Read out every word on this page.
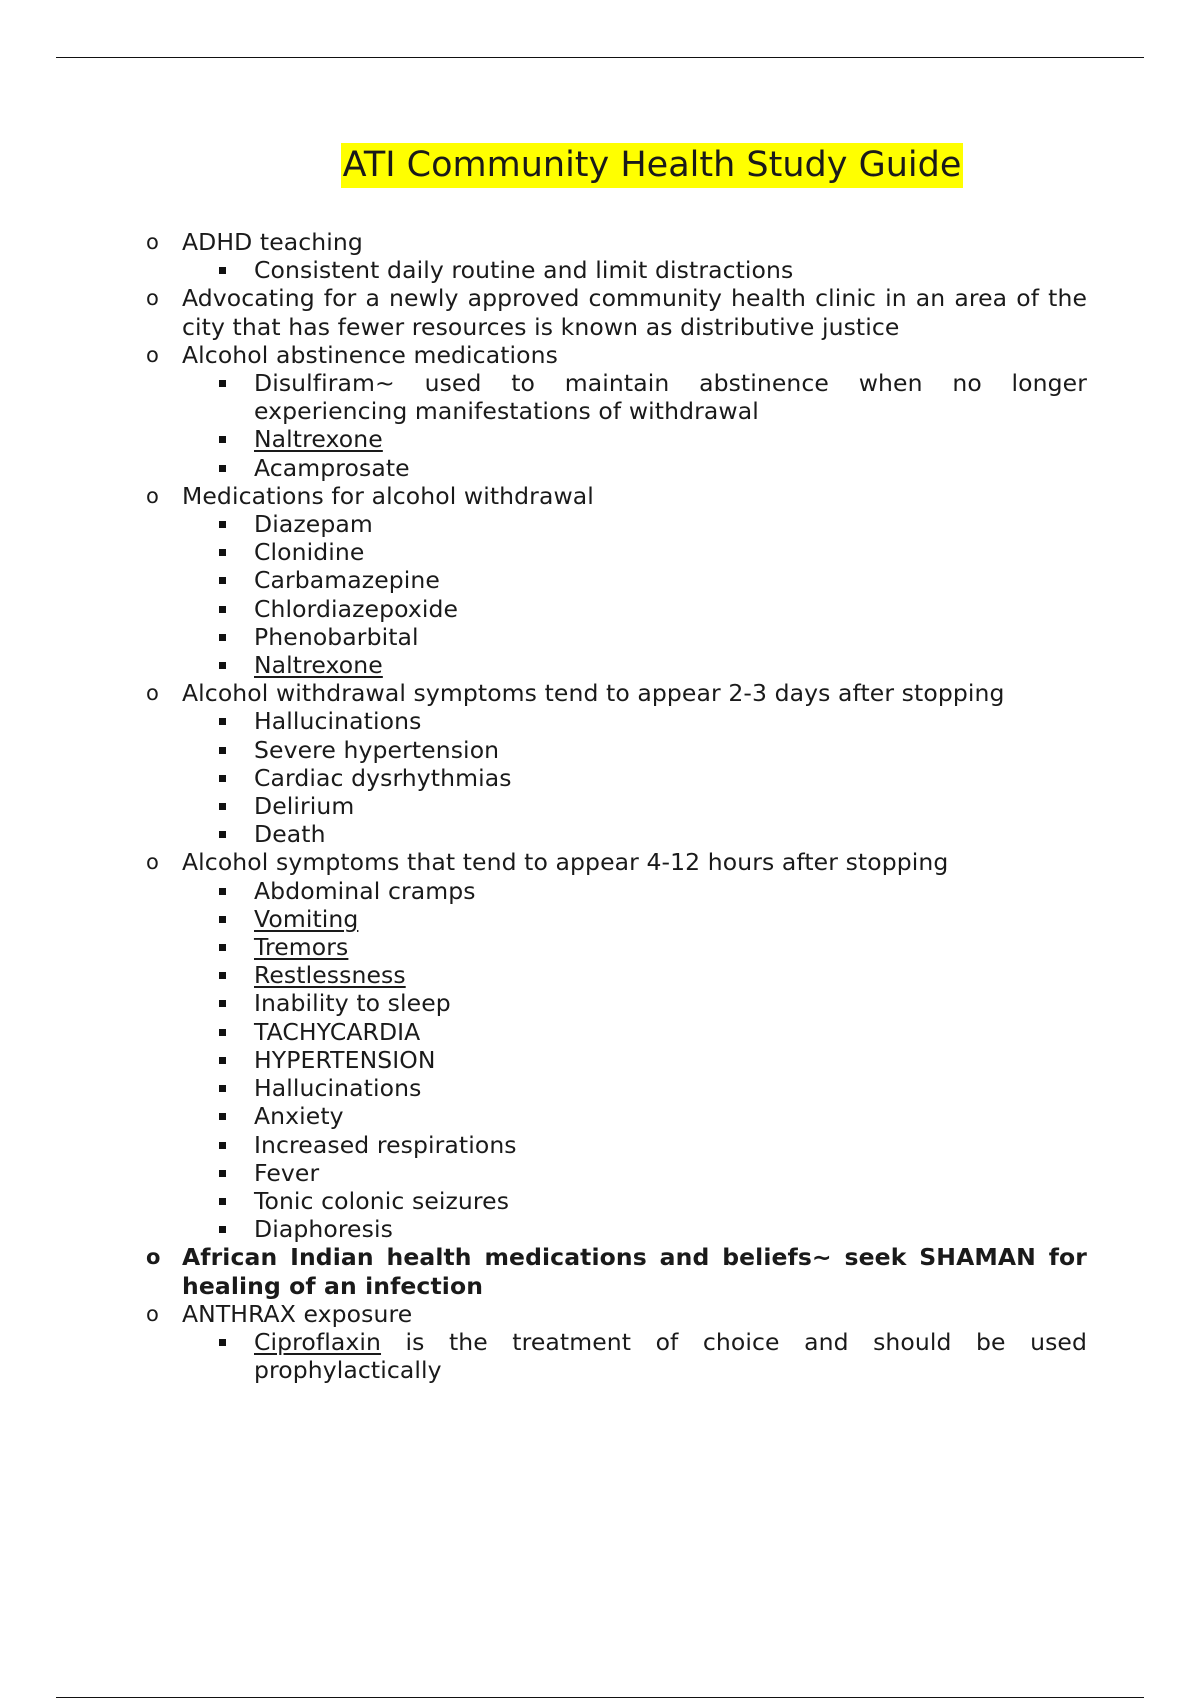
ATI Community Health Study Guide
o ADHD teaching
Consistent daily routine and limit distractions
o Advocating for a newly approved community health clinic in an area of the city that has fewer resources is known as distributive justice
o Alcohol abstinence medications
Disulfiram~ used to maintain abstinence when no longer experiencing manifestations of withdrawal
Naltrexone
Acamprosate
o Medications for alcohol withdrawal
Diazepam
Clonidine
Carbamazepine
Chlordiazepoxide
Phenobarbital
Naltrexone
o Alcohol withdrawal symptoms tend to appear 2-3 days after stopping
Hallucinations
Severe hypertension
Cardiac dysrhythmias
Delirium
Death
o Alcohol symptoms that tend to appear 4-12 hours after stopping
Abdominal cramps
Vomiting
Tremors
Restlessness
Inability to sleep
TACHYCARDIA
HYPERTENSION
Hallucinations
Anxiety
Increased respirations
Fever
Tonic colonic seizures
Diaphoresis
o African Indian health medications and beliefs~ seek SHAMAN for healing of an infection
o ANTHRAX exposure
Ciproflaxin is the treatment of choice and should be used prophylactically
